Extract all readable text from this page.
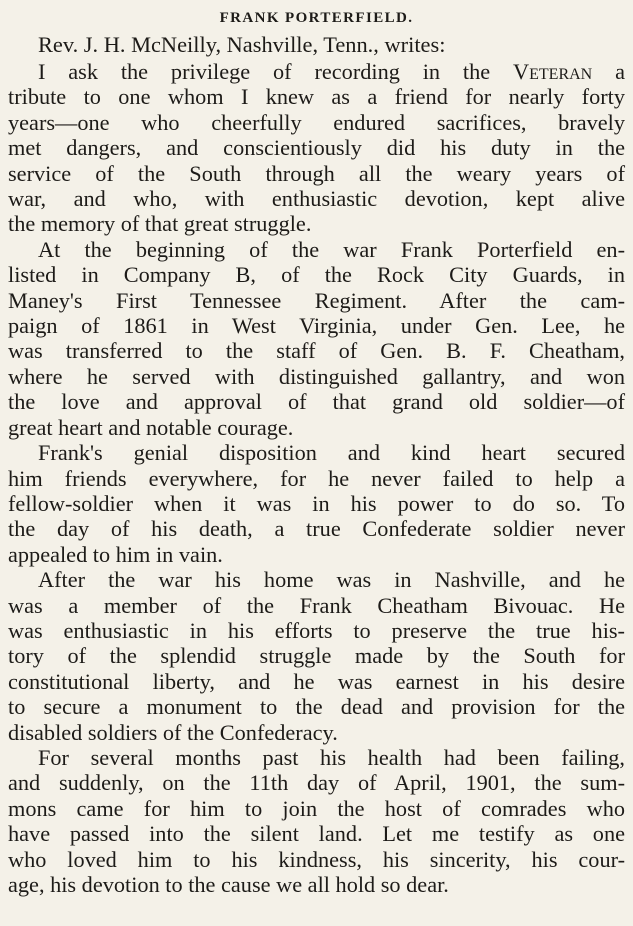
FRANK PORTERFIELD.

Rev. J. H. McNeilly, Nashville, Tenn., writes:

I ask the privilege of recording in the Veteran a
tribute to one whom I knew as a friend for nearly forty
years—one who cheerfully endured sacrifices, bravely
met dangers, and conscientiously did his duty in the
service of the South through all the weary years of
war, and who, with enthusiastic devotion, kept alive
the memory of that great struggle.

At the beginning of the war Frank Porterfield en-
listed in Company B, of the Rock City Guards, in
Maney's First Tennessee Regiment. After the cam-
paign of 1861 in West Virginia, under Gen. Lee, he
was transferred to the staff of Gen. B. F. Cheatham,
where he served with distinguished gallantry, and won
the love and approval of that grand old soldier—of
great heart and notable courage.

Frank's genial disposition and kind heart secured
him friends everywhere, for he never failed to help a
fellow-soldier when it was in his power to do so. To
the day of his death, a true Confederate soldier never
appealed to him in vain.

After the war his home was in Nashville, and he
was a member of the Frank Cheatham Bivouac. He
was enthusiastic in his efforts to preserve the true his-
tory of the splendid struggle made by the South for
constitutional liberty, and he was earnest in his desire
to secure a monument to the dead and provision for the
disabled soldiers of the Confederacy.

For several months past his health had been failing,
and suddenly, on the 11th day of April, 1901, the sum-
mons came for him to join the host of comrades who
have passed into the silent land. Let me testify as one
who loved him to his kindness, his sincerity, his cour-
age, his devotion to the cause we all hold so dear.
